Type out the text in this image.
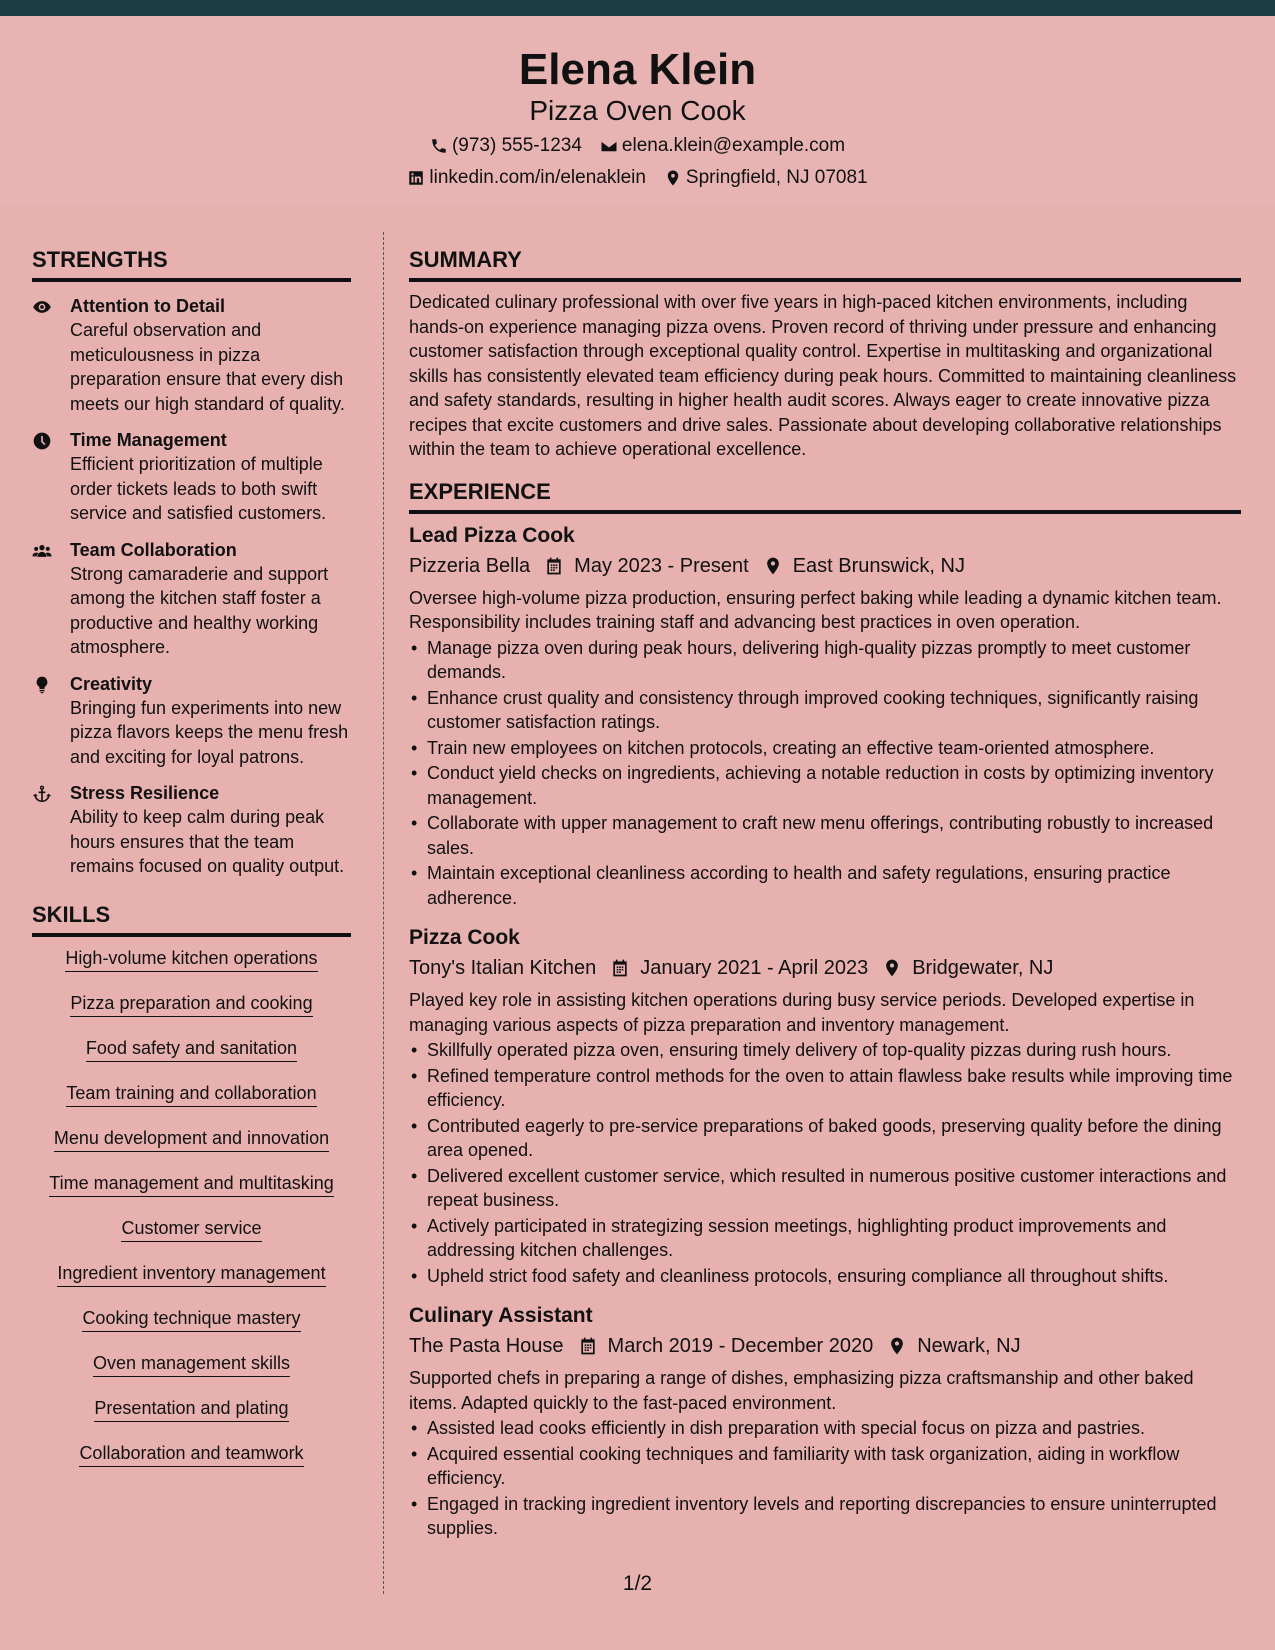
Elena Klein
Pizza Oven Cook
(973) 555-1234 elena.klein@example.com
linkedin.com/in/elenaklein Springfield, NJ 07081
STRENGTHS
Attention to Detail
Careful observation and meticulousness in pizza preparation ensure that every dish meets our high standard of quality.
Time Management
Efficient prioritization of multiple order tickets leads to both swift service and satisfied customers.
Team Collaboration
Strong camaraderie and support among the kitchen staff foster a productive and healthy working atmosphere.
Creativity
Bringing fun experiments into new pizza flavors keeps the menu fresh and exciting for loyal patrons.
Stress Resilience
Ability to keep calm during peak hours ensures that the team remains focused on quality output.
SKILLS
High-volume kitchen operations
Pizza preparation and cooking
Food safety and sanitation
Team training and collaboration
Menu development and innovation
Time management and multitasking
Customer service
Ingredient inventory management
Cooking technique mastery
Oven management skills
Presentation and plating
Collaboration and teamwork
SUMMARY
Dedicated culinary professional with over five years in high-paced kitchen environments, including hands-on experience managing pizza ovens. Proven record of thriving under pressure and enhancing customer satisfaction through exceptional quality control. Expertise in multitasking and organizational skills has consistently elevated team efficiency during peak hours. Committed to maintaining cleanliness and safety standards, resulting in higher health audit scores. Always eager to create innovative pizza recipes that excite customers and drive sales. Passionate about developing collaborative relationships within the team to achieve operational excellence.
EXPERIENCE
Lead Pizza Cook
Pizzeria Bella May 2023 - Present East Brunswick, NJ
Oversee high-volume pizza production, ensuring perfect baking while leading a dynamic kitchen team. Responsibility includes training staff and advancing best practices in oven operation.
• Manage pizza oven during peak hours, delivering high-quality pizzas promptly to meet customer demands.
• Enhance crust quality and consistency through improved cooking techniques, significantly raising customer satisfaction ratings.
• Train new employees on kitchen protocols, creating an effective team-oriented atmosphere.
• Conduct yield checks on ingredients, achieving a notable reduction in costs by optimizing inventory management.
• Collaborate with upper management to craft new menu offerings, contributing robustly to increased sales.
• Maintain exceptional cleanliness according to health and safety regulations, ensuring practice adherence.
Pizza Cook
Tony's Italian Kitchen January 2021 - April 2023 Bridgewater, NJ
Played key role in assisting kitchen operations during busy service periods. Developed expertise in managing various aspects of pizza preparation and inventory management.
• Skillfully operated pizza oven, ensuring timely delivery of top-quality pizzas during rush hours.
• Refined temperature control methods for the oven to attain flawless bake results while improving time efficiency.
• Contributed eagerly to pre-service preparations of baked goods, preserving quality before the dining area opened.
• Delivered excellent customer service, which resulted in numerous positive customer interactions and repeat business.
• Actively participated in strategizing session meetings, highlighting product improvements and addressing kitchen challenges.
• Upheld strict food safety and cleanliness protocols, ensuring compliance all throughout shifts.
Culinary Assistant
The Pasta House March 2019 - December 2020 Newark, NJ
Supported chefs in preparing a range of dishes, emphasizing pizza craftsmanship and other baked items. Adapted quickly to the fast-paced environment.
• Assisted lead cooks efficiently in dish preparation with special focus on pizza and pastries.
• Acquired essential cooking techniques and familiarity with task organization, aiding in workflow efficiency.
• Engaged in tracking ingredient inventory levels and reporting discrepancies to ensure uninterrupted supplies.
1/2
